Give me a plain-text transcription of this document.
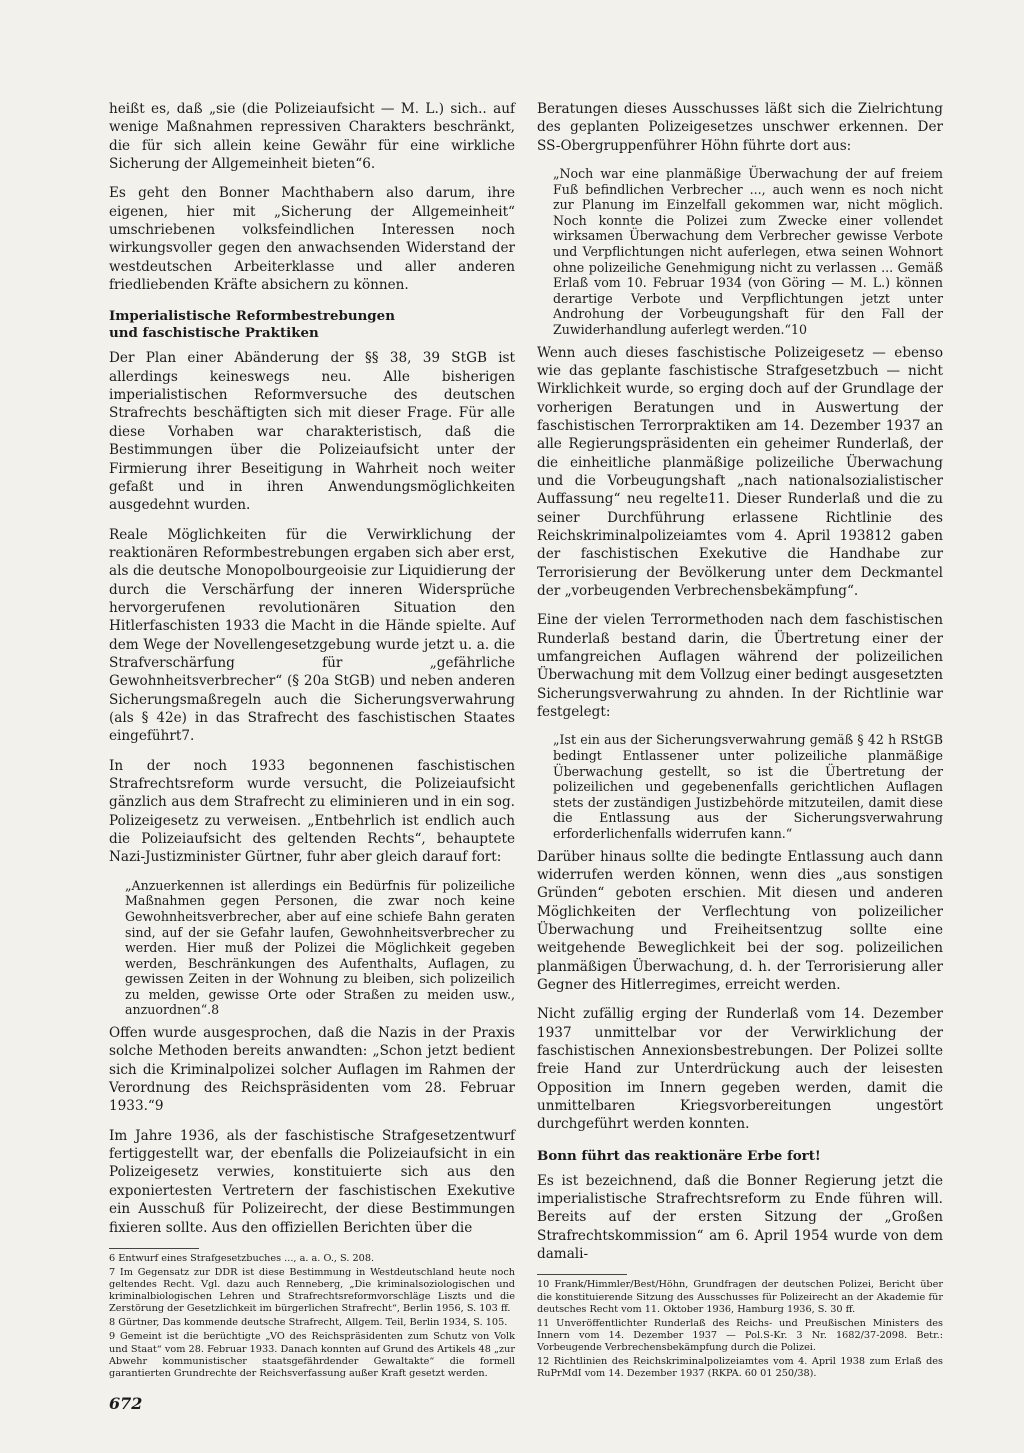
heißt es, daß „sie (die Polizeiaufsicht — M. L.) sich.. auf wenige Maßnahmen repressiven Charakters beschränkt, die für sich allein keine Gewähr für eine wirkliche Sicherung der Allgemeinheit bieten“6.

Es geht den Bonner Machthabern also darum, ihre eigenen, hier mit „Sicherung der Allgemeinheit“ umschriebenen volksfeindlichen Interessen noch wirkungsvoller gegen den anwachsenden Widerstand der westdeutschen Arbeiterklasse und aller anderen friedliebenden Kräfte absichern zu können.

Imperialistische Reformbestrebungen
und faschistische Praktiken

Der Plan einer Abänderung der §§ 38, 39 StGB ist allerdings keineswegs neu. Alle bisherigen imperialistischen Reformversuche des deutschen Strafrechts beschäftigten sich mit dieser Frage. Für alle diese Vorhaben war charakteristisch, daß die Bestimmungen über die Polizeiaufsicht unter der Firmierung ihrer Beseitigung in Wahrheit noch weiter gefaßt und in ihren Anwendungsmöglichkeiten ausgedehnt wurden.

Reale Möglichkeiten für die Verwirklichung der reaktionären Reformbestrebungen ergaben sich aber erst, als die deutsche Monopolbourgeoisie zur Liquidierung der durch die Verschärfung der inneren Widersprüche hervorgerufenen revolutionären Situation den Hitlerfaschisten 1933 die Macht in die Hände spielte. Auf dem Wege der Novellengesetzgebung wurde jetzt u. a. die Strafverschärfung für „gefährliche Gewohnheitsverbrecher“ (§ 20a StGB) und neben anderen Sicherungsmaßregeln auch die Sicherungsverwahrung (als § 42e) in das Strafrecht des faschistischen Staates eingeführt7.

In der noch 1933 begonnenen faschistischen Strafrechtsreform wurde versucht, die Polizeiaufsicht gänzlich aus dem Strafrecht zu eliminieren und in ein sog. Polizeigesetz zu verweisen. „Entbehrlich ist endlich auch die Polizeiaufsicht des geltenden Rechts“, behauptete Nazi-Justizminister Gürtner, fuhr aber gleich darauf fort:

„Anzuerkennen ist allerdings ein Bedürfnis für polizeiliche Maßnahmen gegen Personen, die zwar noch keine Gewohnheitsverbrecher, aber auf eine schiefe Bahn geraten sind, auf der sie Gefahr laufen, Gewohnheitsverbrecher zu werden. Hier muß der Polizei die Möglichkeit gegeben werden, Beschränkungen des Aufenthalts, Auflagen, zu gewissen Zeiten in der Wohnung zu bleiben, sich polizeilich zu melden, gewisse Orte oder Straßen zu meiden usw., anzuordnen“.8

Offen wurde ausgesprochen, daß die Nazis in der Praxis solche Methoden bereits anwandten: „Schon jetzt bedient sich die Kriminalpolizei solcher Auflagen im Rahmen der Verordnung des Reichspräsidenten vom 28. Februar 1933.“9

Im Jahre 1936, als der faschistische Strafgesetzentwurf fertiggestellt war, der ebenfalls die Polizeiaufsicht in ein Polizeigesetz verwies, konstituierte sich aus den exponiertesten Vertretern der faschistischen Exekutive ein Ausschuß für Polizeirecht, der diese Bestimmungen fixieren sollte. Aus den offiziellen Berichten über die

6 Entwurf eines Strafgesetzbuches ..., a. a. O., S. 208.
7 Im Gegensatz zur DDR ist diese Bestimmung in Westdeutschland heute noch geltendes Recht. Vgl. dazu auch Renneberg, „Die kriminalsoziologischen und kriminalbiologischen Lehren und Strafrechtsreformvorschläge Liszts und die Zerstörung der Gesetzlichkeit im bürgerlichen Strafrecht“, Berlin 1956, S. 103 ff.
8 Gürtner, Das kommende deutsche Strafrecht, Allgem. Teil, Berlin 1934, S. 105.
9 Gemeint ist die berüchtigte „VO des Reichspräsidenten zum Schutz von Volk und Staat“ vom 28. Februar 1933. Danach konnten auf Grund des Artikels 48 „zur Abwehr kommunistischer staatsgefährdender Gewaltakte“ die formell garantierten Grundrechte der Reichsverfassung außer Kraft gesetzt werden.

Beratungen dieses Ausschusses läßt sich die Zielrichtung des geplanten Polizeigesetzes unschwer erkennen. Der SS-Obergruppenführer Höhn führte dort aus:

„Noch war eine planmäßige Überwachung der auf freiem Fuß befindlichen Verbrecher ..., auch wenn es noch nicht zur Planung im Einzelfall gekommen war, nicht möglich. Noch konnte die Polizei zum Zwecke einer vollendet wirksamen Überwachung dem Verbrecher gewisse Verbote und Verpflichtungen nicht auferlegen, etwa seinen Wohnort ohne polizeiliche Genehmigung nicht zu verlassen ... Gemäß Erlaß vom 10. Februar 1934 (von Göring — M. L.) können derartige Verbote und Verpflichtungen jetzt unter Androhung der Vorbeugungshaft für den Fall der Zuwiderhandlung auferlegt werden.“10

Wenn auch dieses faschistische Polizeigesetz — ebenso wie das geplante faschistische Strafgesetzbuch — nicht Wirklichkeit wurde, so erging doch auf der Grundlage der vorherigen Beratungen und in Auswertung der faschistischen Terrorpraktiken am 14. Dezember 1937 an alle Regierungspräsidenten ein geheimer Runderlaß, der die einheitliche planmäßige polizeiliche Überwachung und die Vorbeugungshaft „nach nationalsozialistischer Auffassung“ neu regelte11. Dieser Runderlaß und die zu seiner Durchführung erlassene Richtlinie des Reichskriminalpolizeiamtes vom 4. April 193812 gaben der faschistischen Exekutive die Handhabe zur Terrorisierung der Bevölkerung unter dem Deckmantel der „vorbeugenden Verbrechensbekämpfung“.

Eine der vielen Terrormethoden nach dem faschistischen Runderlaß bestand darin, die Übertretung einer der umfangreichen Auflagen während der polizeilichen Überwachung mit dem Vollzug einer bedingt ausgesetzten Sicherungsverwahrung zu ahnden. In der Richtlinie war festgelegt:

„Ist ein aus der Sicherungsverwahrung gemäß § 42 h RStGB bedingt Entlassener unter polizeiliche planmäßige Überwachung gestellt, so ist die Übertretung der polizeilichen und gegebenenfalls gerichtlichen Auflagen stets der zuständigen Justizbehörde mitzuteilen, damit diese die Entlassung aus der Sicherungsverwahrung erforderlichenfalls widerrufen kann.“

Darüber hinaus sollte die bedingte Entlassung auch dann widerrufen werden können, wenn dies „aus sonstigen Gründen“ geboten erschien. Mit diesen und anderen Möglichkeiten der Verflechtung von polizeilicher Überwachung und Freiheitsentzug sollte eine weitgehende Beweglichkeit bei der sog. polizeilichen planmäßigen Überwachung, d. h. der Terrorisierung aller Gegner des Hitlerregimes, erreicht werden.

Nicht zufällig erging der Runderlaß vom 14. Dezember 1937 unmittelbar vor der Verwirklichung der faschistischen Annexionsbestrebungen. Der Polizei sollte freie Hand zur Unterdrückung auch der leisesten Opposition im Innern gegeben werden, damit die unmittelbaren Kriegsvorbereitungen ungestört durchgeführt werden konnten.

Bonn führt das reaktionäre Erbe fort!

Es ist bezeichnend, daß die Bonner Regierung jetzt die imperialistische Strafrechtsreform zu Ende führen will. Bereits auf der ersten Sitzung der „Großen Strafrechtskommission“ am 6. April 1954 wurde von dem damali-

10 Frank/Himmler/Best/Höhn, Grundfragen der deutschen Polizei, Bericht über die konstituierende Sitzung des Ausschusses für Polizeirecht an der Akademie für deutsches Recht vom 11. Oktober 1936, Hamburg 1936, S. 30 ff.
11 Unveröffentlichter Runderlaß des Reichs- und Preußischen Ministers des Innern vom 14. Dezember 1937 — Pol.S-Kr. 3 Nr. 1682/37-2098. Betr.: Vorbeugende Verbrechensbekämpfung durch die Polizei.
12 Richtlinien des Reichskriminalpolizeiamtes vom 4. April 1938 zum Erlaß des RuPrMdI vom 14. Dezember 1937 (RKPA. 60 01 250/38).
672
